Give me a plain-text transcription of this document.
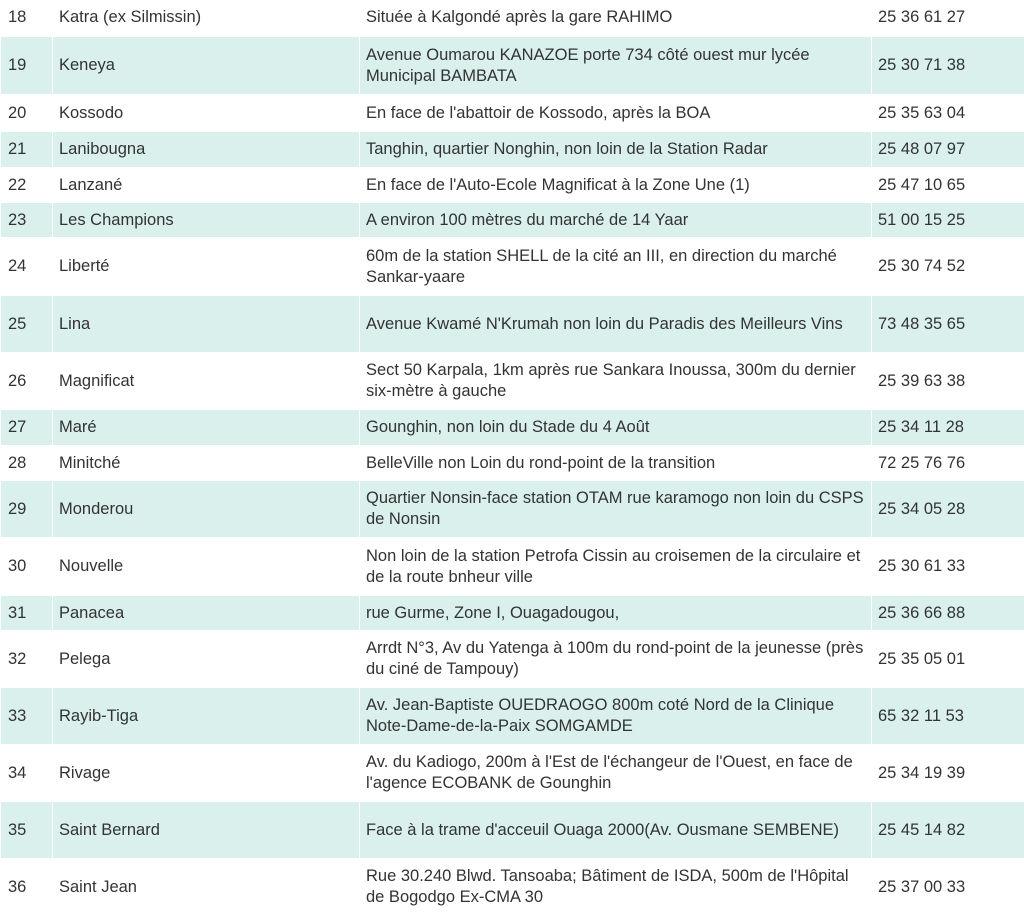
18	Katra (ex Silmissin)	Située à Kalgondé après la gare RAHIMO	25 36 61 27
19	Keneya	Avenue Oumarou KANAZOE porte 734 côté ouest mur lycée Municipal BAMBATA	25 30 71 38
20	Kossodo	En face de l'abattoir de Kossodo, après la BOA	25 35 63 04
21	Lanibougna	Tanghin, quartier Nonghin, non loin de la Station Radar	25 48 07 97
22	Lanzané	En face de l'Auto-Ecole Magnificat à la Zone Une (1)	25 47 10 65
23	Les Champions	A environ 100 mètres du marché de 14 Yaar	51 00 15 25
24	Liberté	60m de la station SHELL de la cité an III, en direction du marché Sankar-yaare	25 30 74 52
25	Lina	Avenue Kwamé N'Krumah non loin du Paradis des Meilleurs Vins	73 48 35 65
26	Magnificat	Sect 50 Karpala, 1km après rue Sankara Inoussa, 300m du dernier six-mètre à gauche	25 39 63 38
27	Maré	Gounghin, non loin du Stade du 4 Août	25 34 11 28
28	Minitché	BelleVille non Loin du rond-point de la transition	72 25 76 76
29	Monderou	Quartier Nonsin-face station OTAM rue karamogo non loin du CSPS de Nonsin	25 34 05 28
30	Nouvelle	Non loin de la station Petrofa Cissin au croisemen de la circulaire et de la route bnheur ville	25 30 61 33
31	Panacea	rue Gurme, Zone I, Ouagadougou,	25 36 66 88
32	Pelega	Arrdt N°3, Av du Yatenga à 100m du rond-point de la jeunesse (près du ciné de Tampouy)	25 35 05 01
33	Rayib-Tiga	Av. Jean-Baptiste OUEDRAOGO 800m coté Nord de la Clinique Note-Dame-de-la-Paix SOMGAMDE	65 32 11 53
34	Rivage	Av. du Kadiogo, 200m à l'Est de l'échangeur de l'Ouest, en face de l'agence ECOBANK de Gounghin	25 34 19 39
35	Saint Bernard	Face à la trame d'acceuil Ouaga 2000(Av. Ousmane SEMBENE)	25 45 14 82
36	Saint Jean	Rue 30.240 Blwd. Tansoaba; Bâtiment de ISDA, 500m de l'Hôpital de Bogodgo Ex-CMA 30	25 37 00 33
